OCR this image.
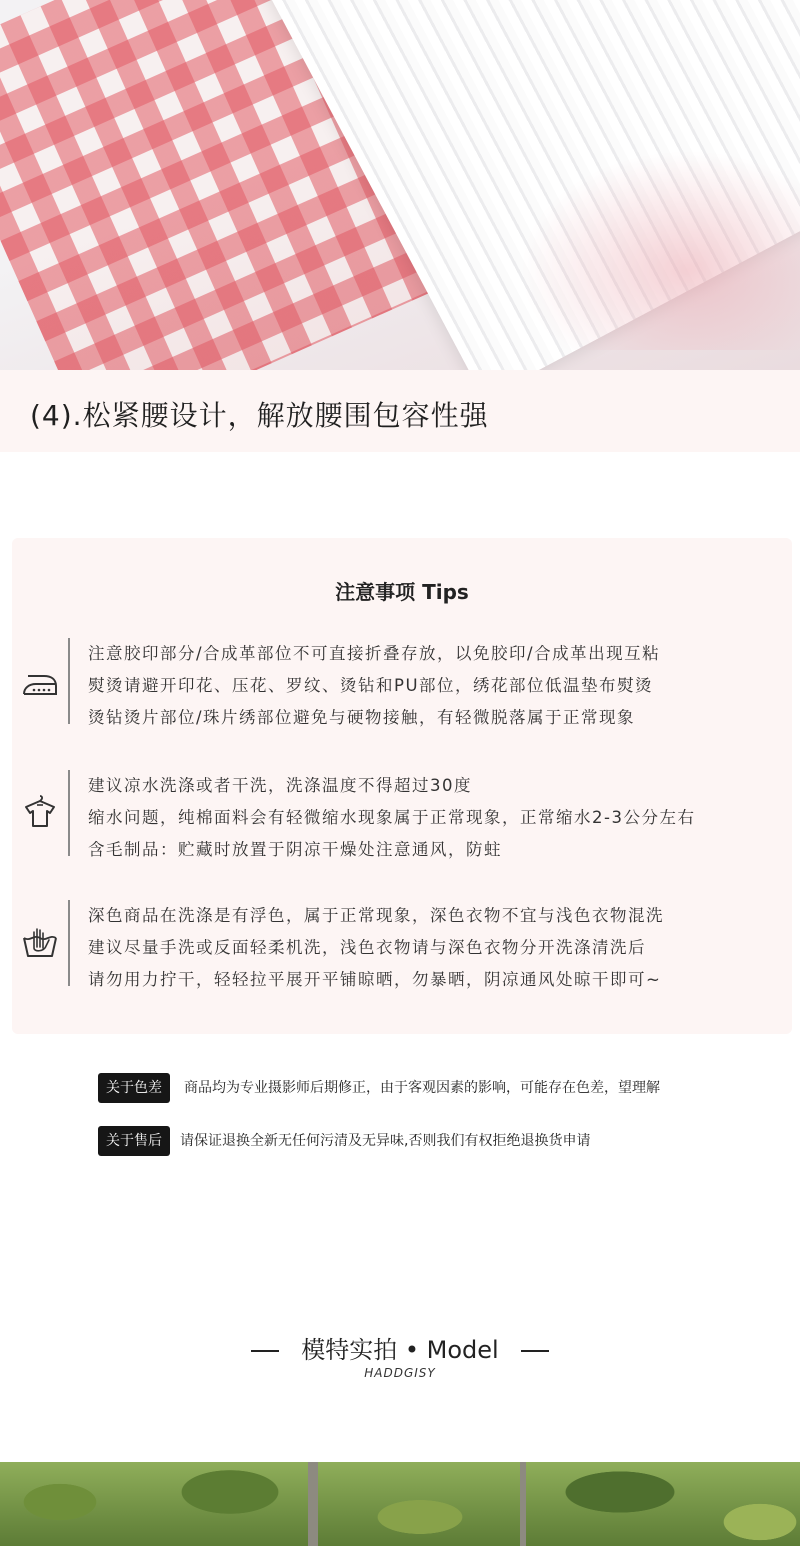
(4).松紧腰设计，解放腰围包容性强
注意事项 Tips
注意胶印部分/合成革部位不可直接折叠存放，以免胶印/合成革出现互粘
熨烫请避开印花、压花、罗纹、烫钻和PU部位，绣花部位低温垫布熨烫
烫钻烫片部位/珠片绣部位避免与硬物接触，有轻微脱落属于正常现象
建议凉水洗涤或者干洗，洗涤温度不得超过30度
缩水问题，纯棉面料会有轻微缩水现象属于正常现象，正常缩水2-3公分左右
含毛制品：贮藏时放置于阴凉干燥处注意通风，防蛀
深色商品在洗涤是有浮色，属于正常现象，深色衣物不宜与浅色衣物混洗
建议尽量手洗或反面轻柔机洗，浅色衣物请与深色衣物分开洗涤清洗后
请勿用力拧干，轻轻拉平展开平铺晾晒，勿暴晒，阴凉通风处晾干即可~
关于色差	商品均为专业摄影师后期修正，由于客观因素的影响，可能存在色差，望理解
关于售后	请保证退换全新无任何污清及无异味,否则我们有权拒绝退换货申请
模特实拍 • Model
HADDGISY
